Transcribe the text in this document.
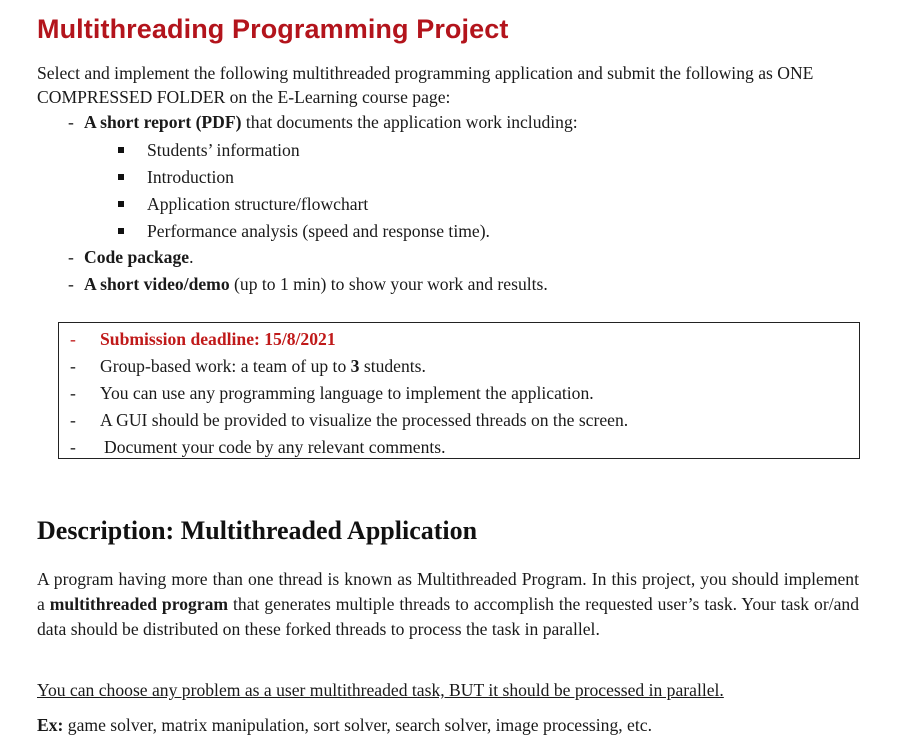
Multithreading Programming Project

Select and implement the following multithreaded programming application and submit the following as ONE COMPRESSED FOLDER on the E-Learning course page:

- A short report (PDF) that documents the application work including:
Students’ information
Introduction
Application structure/flowchart
Performance analysis (speed and response time).
- Code package.
- A short video/demo (up to 1 min) to show your work and results.
- Submission deadline: 15/8/2021
- Group-based work: a team of up to 3 students.
- You can use any programming language to implement the application.
- A GUI should be provided to visualize the processed threads on the screen.
- Document your code by any relevant comments.
Description: Multithreaded Application

A program having more than one thread is known as Multithreaded Program. In this project, you should implement a multithreaded program that generates multiple threads to accomplish the requested user’s task. Your task or/and data should be distributed on these forked threads to process the task in parallel.

You can choose any problem as a user multithreaded task, BUT it should be processed in parallel.

Ex: game solver, matrix manipulation, sort solver, search solver, image processing, etc.
